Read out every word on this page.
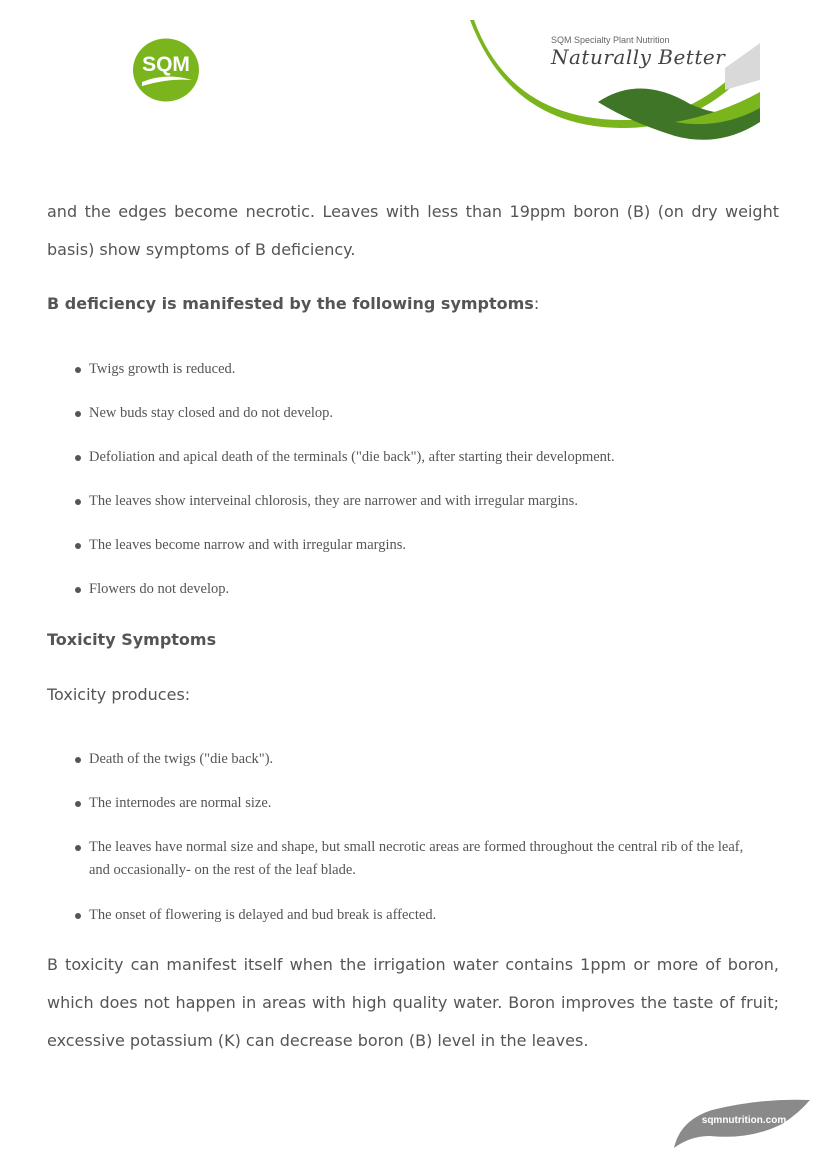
SQM
SQM Specialty Plant Nutrition
Naturally Better
and the edges become necrotic. Leaves with less than 19ppm boron (B) (on dry weight basis) show symptoms of B deficiency.
B deficiency is manifested by the following symptoms:
Twigs growth is reduced.
New buds stay closed and do not develop.
Defoliation and apical death of the terminals ("die back"), after starting their development.
The leaves show interveinal chlorosis, they are narrower and with irregular margins.
The leaves become narrow and with irregular margins.
Flowers do not develop.
Toxicity Symptoms
Toxicity produces:
Death of the twigs ("die back").
The internodes are normal size.
The leaves have normal size and shape, but small necrotic areas are formed throughout the central rib of the leaf, and occasionally- on the rest of the leaf blade.
The onset of flowering is delayed and bud break is affected.
B toxicity can manifest itself when the irrigation water contains 1ppm or more of boron, which does not happen in areas with high quality water. Boron improves the taste of fruit; excessive potassium (K) can decrease boron (B) level in the leaves.
sqmnutrition.com
